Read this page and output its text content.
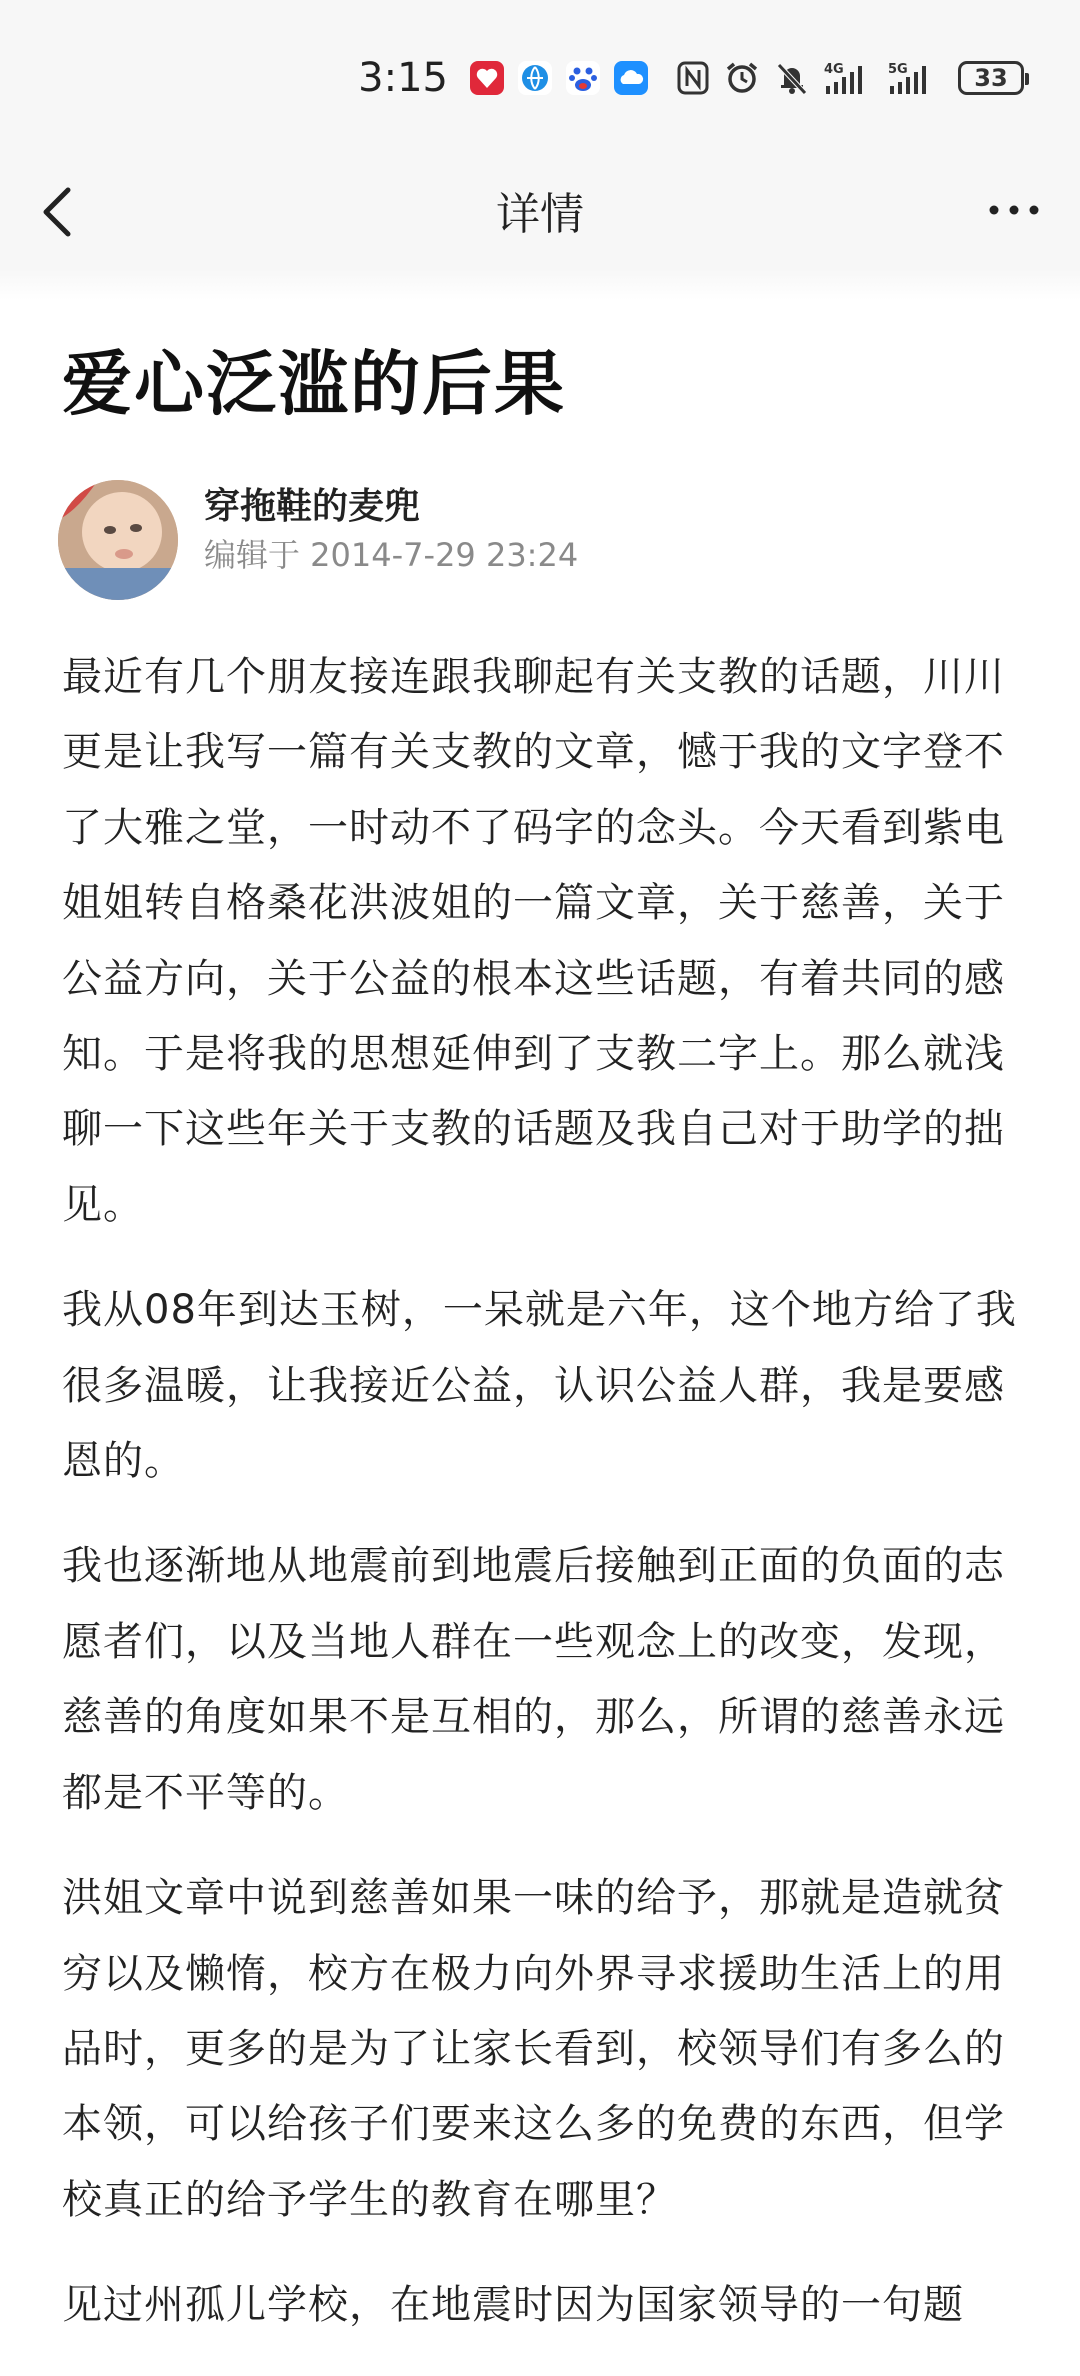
3:15	4G	5G	33
详情
爱心泛滥的后果
穿拖鞋的麦兜
编辑于 2014-7-29 23:24

最近有几个朋友接连跟我聊起有关支教的话题，川川更是让我写一篇有关支教的文章，憾于我的文字登不了大雅之堂，一时动不了码字的念头。今天看到紫电姐姐转自格桑花洪波姐的一篇文章，关于慈善，关于公益方向，关于公益的根本这些话题，有着共同的感知。于是将我的思想延伸到了支教二字上。那么就浅聊一下这些年关于支教的话题及我自己对于助学的拙见。

我从08年到达玉树，一呆就是六年，这个地方给了我很多温暖，让我接近公益，认识公益人群，我是要感恩的。

我也逐渐地从地震前到地震后接触到正面的负面的志愿者们，以及当地人群在一些观念上的改变，发现，慈善的角度如果不是互相的，那么，所谓的慈善永远都是不平等的。

洪姐文章中说到慈善如果一味的给予，那就是造就贫穷以及懒惰，校方在极力向外界寻求援助生活上的用品时，更多的是为了让家长看到，校领导们有多么的本领，可以给孩子们要来这么多的免费的东西，但学校真正的给予学生的教育在哪里？

见过州孤儿学校，在地震时因为国家领导的一句题
